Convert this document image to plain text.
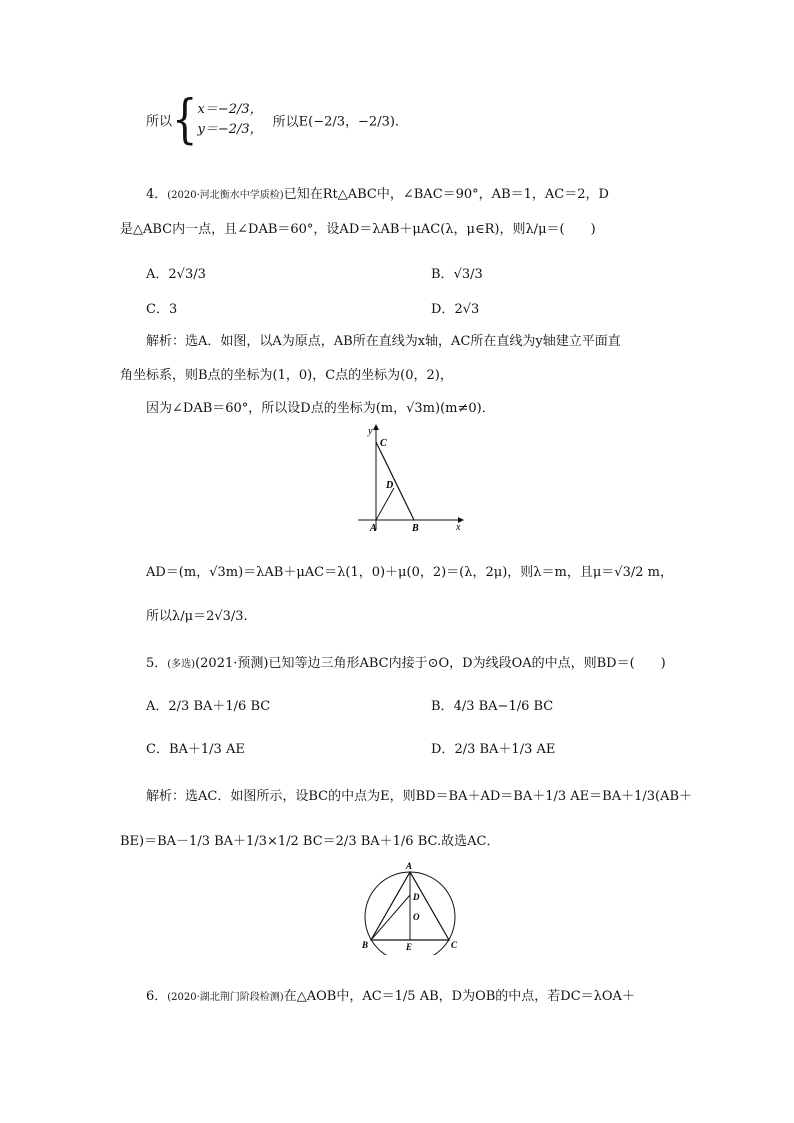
所以{ x＝−2/3，
y＝−2/3， 所以E(−2/3，−2/3).
4．(2020·河北衡水中学质检)已知在Rt△ABC中，∠BAC＝90°，AB＝1，AC＝2，D
是△ABC内一点，且∠DAB＝60°，设AD＝λAB＋μAC(λ，μ∈R)，则λ/μ＝(　　)
A．2√3/3	B．√3/3
C．3	D．2√3
解析：选A．如图，以A为原点，AB所在直线为x轴，AC所在直线为y轴建立平面直
角坐标系，则B点的坐标为(1，0)，C点的坐标为(0，2)，
因为∠DAB＝60°，所以设D点的坐标为(m，√3m)(m≠0)．
y
C
D
A	B	x
AD＝(m，√3m)＝λAB＋μAC＝λ(1，0)＋μ(0，2)＝(λ，2μ)，则λ＝m，且μ＝√3/2 m，
所以λ/μ＝2√3/3.
5．(多选)(2021·预测)已知等边三角形ABC内接于⊙O，D为线段OA的中点，则BD＝(　　)
A．2/3 BA＋1/6 BC	B．4/3 BA−1/6 BC
C．BA＋1/3 AE	D．2/3 BA＋1/3 AE
解析：选AC．如图所示，设BC的中点为E，则BD＝BA＋AD＝BA＋1/3 AE＝BA＋1/3(AB＋
BE)＝BA－1/3 BA＋1/3×1/2 BC＝2/3 BA＋1/6 BC.故选AC．
A
D
O
B	E	C
6．(2020·湖北荆门阶段检测)在△AOB中，AC＝1/5 AB，D为OB的中点，若DC＝λOA＋
